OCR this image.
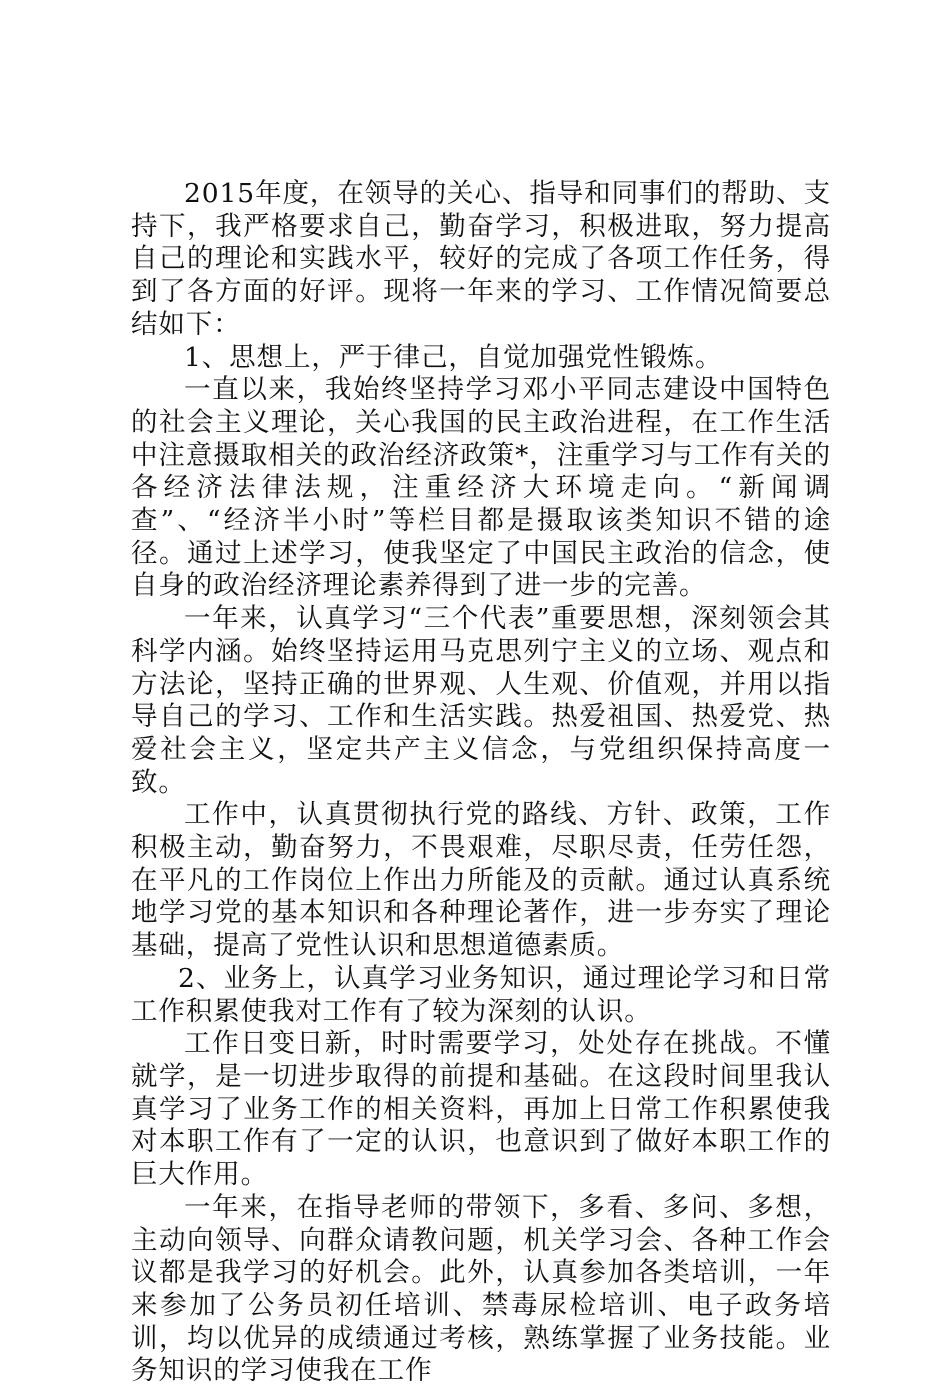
2015年度，在领导的关心、指导和同事们的帮助、支持下，我严格要求自己，勤奋学习，积极进取，努力提高自己的理论和实践水平，较好的完成了各项工作任务，得到了各方面的好评。现将一年来的学习、工作情况简要总结如下：

1、思想上，严于律己，自觉加强党性锻炼。

一直以来，我始终坚持学习邓小平同志建设中国特色的社会主义理论，关心我国的民主政治进程，在工作生活中注意摄取相关的政治经济政策*，注重学习与工作有关的各经济法律法规，注重经济大环境走向。“新闻调查”、“经济半小时”等栏目都是摄取该类知识不错的途径。通过上述学习，使我坚定了中国民主政治的信念，使自身的政治经济理论素养得到了进一步的完善。

一年来，认真学习“三个代表”重要思想，深刻领会其科学内涵。始终坚持运用马克思列宁主义的立场、观点和方法论，坚持正确的世界观、人生观、价值观，并用以指导自己的学习、工作和生活实践。热爱祖国、热爱党、热爱社会主义，坚定共产主义信念，与党组织保持高度一致。

工作中，认真贯彻执行党的路线、方针、政策，工作积极主动，勤奋努力，不畏艰难，尽职尽责，任劳任怨，在平凡的工作岗位上作出力所能及的贡献。通过认真系统地学习党的基本知识和各种理论著作，进一步夯实了理论基础，提高了党性认识和思想道德素质。

2、业务上，认真学习业务知识，通过理论学习和日常工作积累使我对工作有了较为深刻的认识。

工作日变日新，时时需要学习，处处存在挑战。不懂就学，是一切进步取得的前提和基础。在这段时间里我认真学习了业务工作的相关资料，再加上日常工作积累使我对本职工作有了一定的认识，也意识到了做好本职工作的巨大作用。

一年来，在指导老师的带领下，多看、多问、多想，主动向领导、向群众请教问题，机关学习会、各种工作会议都是我学习的好机会。此外，认真参加各类培训，一年来参加了公务员初任培训、禁毒尿检培训、电子政务培训，均以优异的成绩通过考核，熟练掌握了业务技能。业务知识的学习使我在工作
